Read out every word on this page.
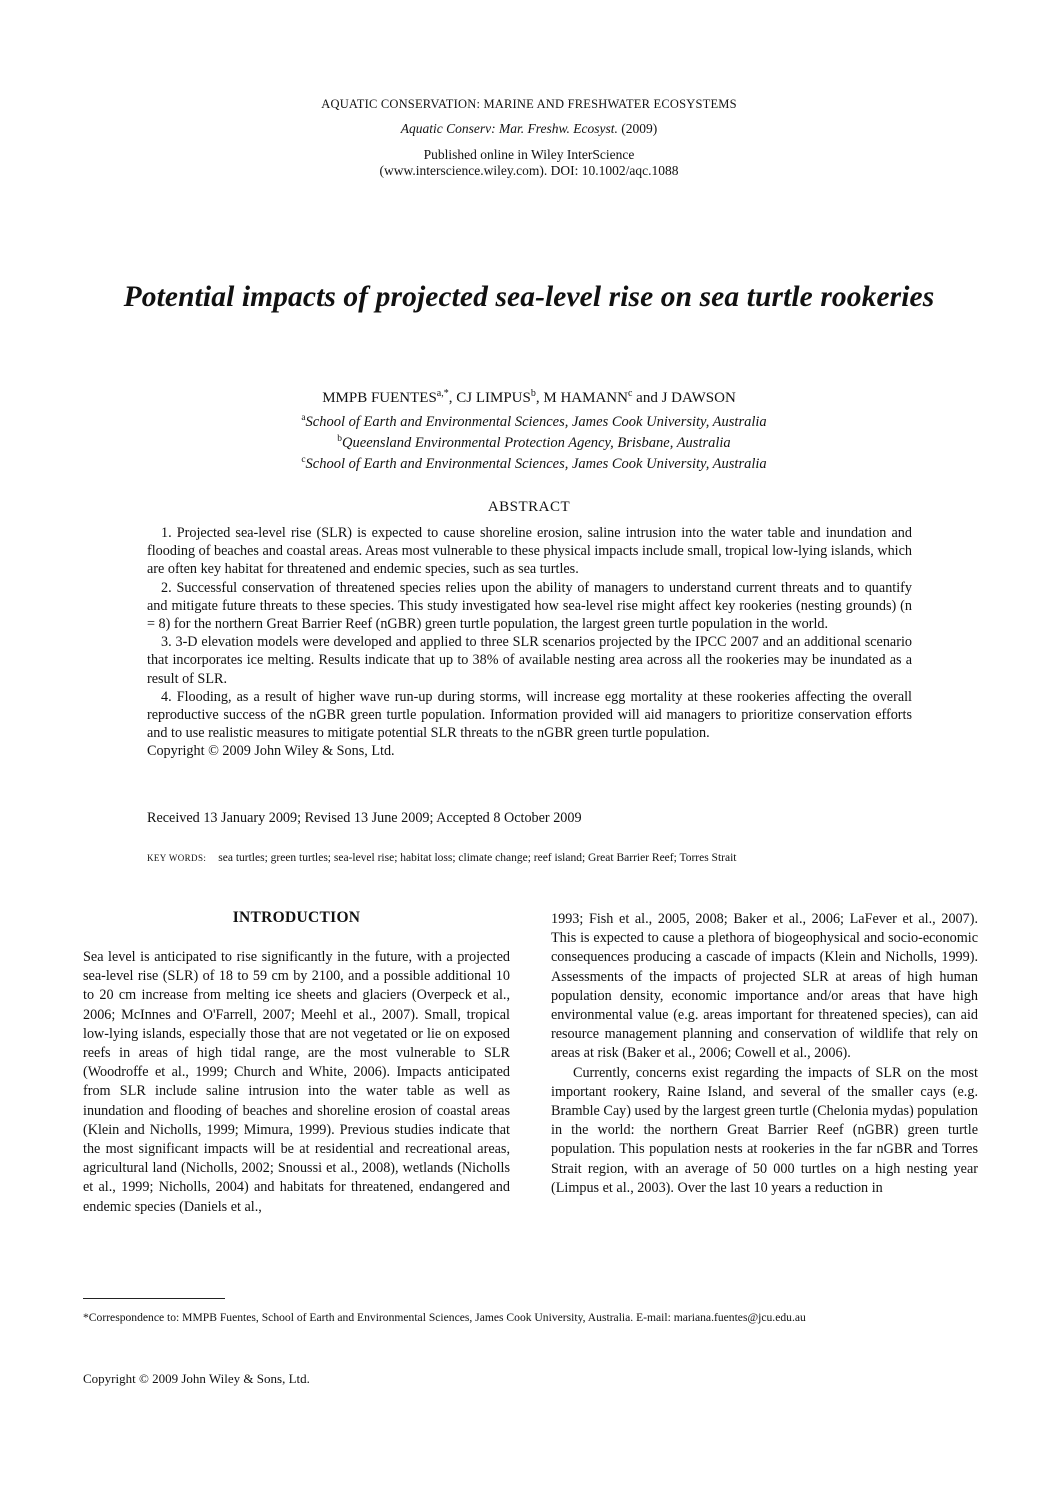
AQUATIC CONSERVATION: MARINE AND FRESHWATER ECOSYSTEMS
Aquatic Conserv: Mar. Freshw. Ecosyst. (2009)
Published online in Wiley InterScience
(www.interscience.wiley.com). DOI: 10.1002/aqc.1088
Potential impacts of projected sea-level rise on sea turtle rookeries
MMPB $FUENTES^{a,*}$, CJ LIMPUS$^b$, M HAMANN$^c$ and J DAWSON
$^a$School of Earth and Environmental Sciences, James Cook University, Australia
$^b$Queensland Environmental Protection Agency, Brisbane, Australia
$^c$School of Earth and Environmental Sciences, James Cook University, Australia
ABSTRACT

1. Projected sea-level rise (SLR) is expected to cause shoreline erosion, saline intrusion into the water table and inundation and flooding of beaches and coastal areas. Areas most vulnerable to these physical impacts include small, tropical low-lying islands, which are often key habitat for threatened and endemic species, such as sea turtles.

2. Successful conservation of threatened species relies upon the ability of managers to understand current threats and to quantify and mitigate future threats to these species. This study investigated how sea-level rise might affect key rookeries (nesting grounds) (n = 8) for the northern Great Barrier Reef (nGBR) green turtle population, the largest green turtle population in the world.

3. 3-D elevation models were developed and applied to three SLR scenarios projected by the IPCC 2007 and an additional scenario that incorporates ice melting. Results indicate that up to 38% of available nesting area across all the rookeries may be inundated as a result of SLR.

4. Flooding, as a result of higher wave run-up during storms, will increase egg mortality at these rookeries affecting the overall reproductive success of the nGBR green turtle population. Information provided will aid managers to prioritize conservation efforts and to use realistic measures to mitigate potential SLR threats to the nGBR green turtle population.

Copyright © 2009 John Wiley & Sons, Ltd.

Received 13 January 2009; Revised 13 June 2009; Accepted 8 October 2009
KEY WORDS: sea turtles; green turtles; sea-level rise; habitat loss; climate change; reef island; Great Barrier Reef; Torres Strait
INTRODUCTION

Sea level is anticipated to rise significantly in the future, with a projected sea-level rise (SLR) of 18 to 59 cm by 2100, and a possible additional 10 to 20 cm increase from melting ice sheets and glaciers (Overpeck et al., 2006; McInnes and O'Farrell, 2007; Meehl et al., 2007). Small, tropical low-lying islands, especially those that are not vegetated or lie on exposed reefs in areas of high tidal range, are the most vulnerable to SLR (Woodroffe et al., 1999; Church and White, 2006). Impacts anticipated from SLR include saline intrusion into the water table as well as inundation and flooding of beaches and shoreline erosion of coastal areas (Klein and Nicholls, 1999; Mimura, 1999). Previous studies indicate that the most significant impacts will be at residential and recreational areas, agricultural land (Nicholls, 2002; Snoussi et al., 2008), wetlands (Nicholls et al., 1999; Nicholls, 2004) and habitats for threatened, endangered and endemic species (Daniels et al.,

1993; Fish et al., 2005, 2008; Baker et al., 2006; LaFever et al., 2007). This is expected to cause a plethora of biogeophysical and socio-economic consequences producing a cascade of impacts (Klein and Nicholls, 1999). Assessments of the impacts of projected SLR at areas of high human population density, economic importance and/or areas that have high environmental value (e.g. areas important for threatened species), can aid resource management planning and conservation of wildlife that rely on areas at risk (Baker et al., 2006; Cowell et al., 2006).

Currently, concerns exist regarding the impacts of SLR on the most important rookery, Raine Island, and several of the smaller cays (e.g. Bramble Cay) used by the largest green turtle (Chelonia mydas) population in the world: the northern Great Barrier Reef (nGBR) green turtle population. This population nests at rookeries in the far nGBR and Torres Strait region, with an average of 50 000 turtles on a high nesting year (Limpus et al., 2003). Over the last 10 years a reduction in

*Correspondence to: MMPB Fuentes, School of Earth and Environmental Sciences, James Cook University, Australia. E-mail: mariana.fuentes@jcu.edu.au
Copyright © 2009 John Wiley & Sons, Ltd.
